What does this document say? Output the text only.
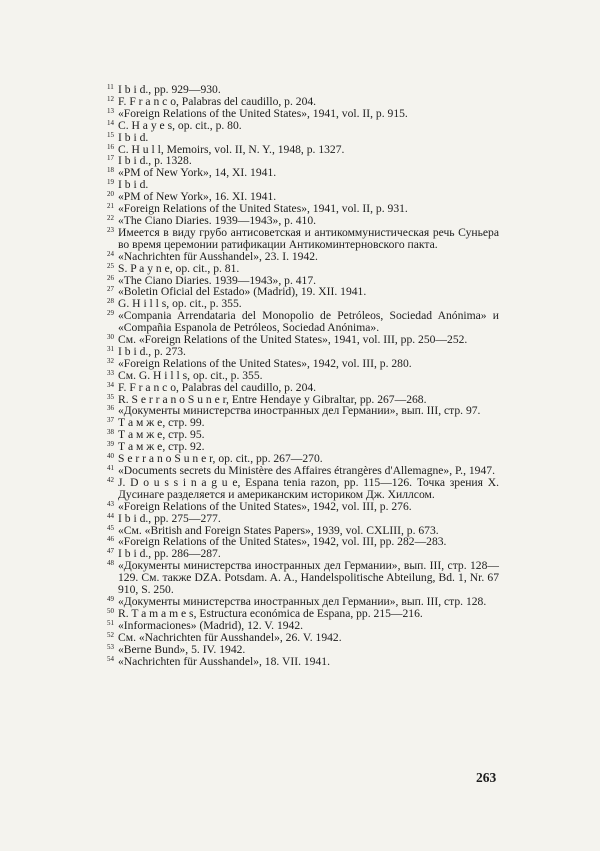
11 I b i d., pp. 929—930.
12 F. F r a n c o, Palabras del caudillo, p. 204.
13 «Foreign Relations of the United States», 1941, vol. II, p. 915.
14 C. H a y e s, op. cit., p. 80.
15 I b i d.
16 C. H u l l, Memoirs, vol. II, N. Y., 1948, p. 1327.
17 I b i d., p. 1328.
18 «PM of New York», 14, XI. 1941.
19 I b i d.
20 «PM of New York», 16. XI. 1941.
21 «Foreign Relations of the United States», 1941, vol. II, p. 931.
22 «The Ciano Diaries. 1939—1943», p. 410.
23 Имеется в виду грубо антисоветская и антикоммунистическая речь Суньера во время церемонии ратификации Антикоминтерновского пакта.
24 «Nachrichten für Ausshandel», 23. I. 1942.
25 S. P a y n e, op. cit., p. 81.
26 «The Ciano Diaries. 1939—1943», p. 417.
27 «Boletin Oficial del Estado» (Madrid), 19. XII. 1941.
28 G. H i l l s, op. cit., p. 355.
29 «Compania Arrendataria del Monopolio de Petróleos, Sociedad Anónima» и «Compañia Espanola de Petróleos, Sociedad Anónima».
30 См. «Foreign Relations of the United States», 1941, vol. III, pp. 250—252.
31 I b i d., p. 273.
32 «Foreign Relations of the United States», 1942, vol. III, p. 280.
33 См. G. H i l l s, op. cit., p. 355.
34 F. F r a n c o, Palabras del caudillo, p. 204.
35 R. S e r r a n o S u n e r, Entre Hendaye y Gibraltar, pp. 267—268.
36 «Документы министерства иностранных дел Германии», вып. III, стр. 97.
37 Т а м ж е, стр. 99.
38 Т а м ж е, стр. 95.
39 Т а м ж е, стр. 92.
40 S e r r a n o S u n e r, op. cit., pp. 267—270.
41 «Documents secrets du Ministère des Affaires étrangères d'Allemagne», P., 1947.
42 J. D o u s s i n a g u e, Espana tenia razon, pp. 115—126. Точка зрения Х. Дусинаге разделяется и американским историком Дж. Хиллсом.
43 «Foreign Relations of the United States», 1942, vol. III, p. 276.
44 I b i d., pp. 275—277.
45 «См. «British and Foreign States Papers», 1939, vol. CXLIII, p. 673.
46 «Foreign Relations of the United States», 1942, vol. III, pp. 282—283.
47 I b i d., pp. 286—287.
48 «Документы министерства иностранных дел Германии», вып. III, стр. 128—129. См. также DZA. Potsdam. A. A., Handelspolitische Abteilung, Bd. 1, Nr. 67 910, S. 250.
49 «Документы министерства иностранных дел Германии», вып. III, стр. 128.
50 R. T a m a m e s, Estructura económica de Espana, pp. 215—216.
51 «Informaciones» (Madrid), 12. V. 1942.
52 См. «Nachrichten für Ausshandel», 26. V. 1942.
53 «Berne Bund», 5. IV. 1942.
54 «Nachrichten für Ausshandel», 18. VII. 1941.
263
